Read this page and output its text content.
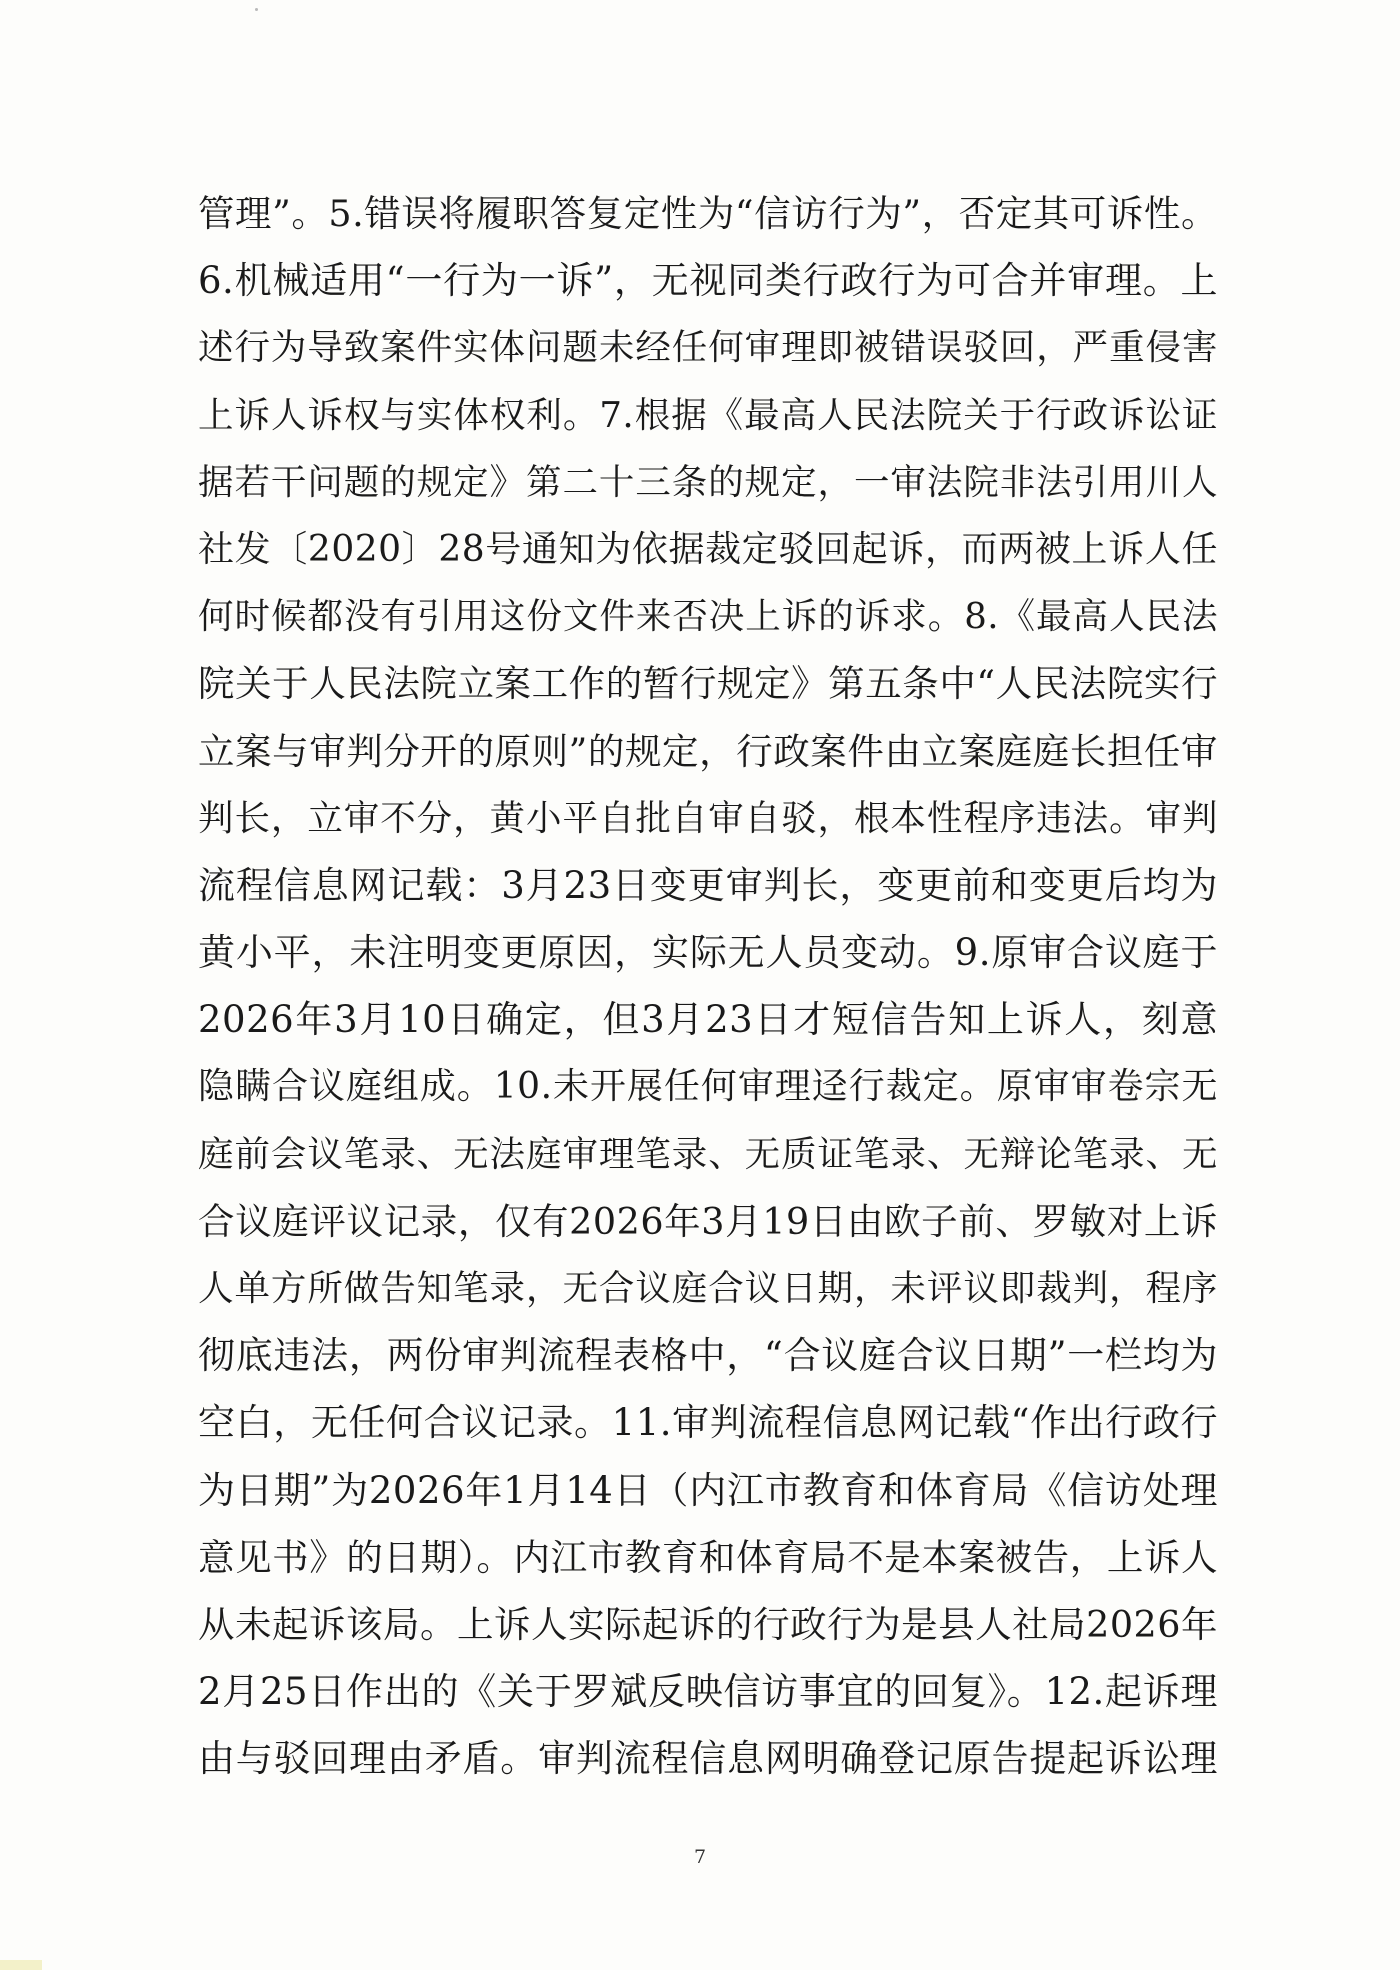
管理”。5.错误将履职答复定性为“信访行为”，否定其可诉性。
6.机械适用“一行为一诉”，无视同类行政行为可合并审理。上
述行为导致案件实体问题未经任何审理即被错误驳回，严重侵害
上诉人诉权与实体权利。7.根据《最高人民法院关于行政诉讼证
据若干问题的规定》第二十三条的规定，一审法院非法引用川人
社发〔2020〕28号通知为依据裁定驳回起诉，而两被上诉人任
何时候都没有引用这份文件来否决上诉的诉求。8.《最高人民法
院关于人民法院立案工作的暂行规定》第五条中“人民法院实行
立案与审判分开的原则”的规定，行政案件由立案庭庭长担任审
判长，立审不分，黄小平自批自审自驳，根本性程序违法。审判
流程信息网记载：3月23日变更审判长，变更前和变更后均为
黄小平，未注明变更原因，实际无人员变动。9.原审合议庭于
2026年3月10日确定，但3月23日才短信告知上诉人，刻意
隐瞒合议庭组成。10.未开展任何审理迳行裁定。原审审卷宗无
庭前会议笔录、无法庭审理笔录、无质证笔录、无辩论笔录、无
合议庭评议记录，仅有2026年3月19日由欧子前、罗敏对上诉
人单方所做告知笔录，无合议庭合议日期，未评议即裁判，程序
彻底违法，两份审判流程表格中，“合议庭合议日期”一栏均为
空白，无任何合议记录。11.审判流程信息网记载“作出行政行
为日期”为2026年1月14日（内江市教育和体育局《信访处理
意见书》的日期）。内江市教育和体育局不是本案被告，上诉人
从未起诉该局。上诉人实际起诉的行政行为是县人社局2026年
2月25日作出的《关于罗斌反映信访事宜的回复》。12.起诉理
由与驳回理由矛盾。审判流程信息网明确登记原告提起诉讼理
7
